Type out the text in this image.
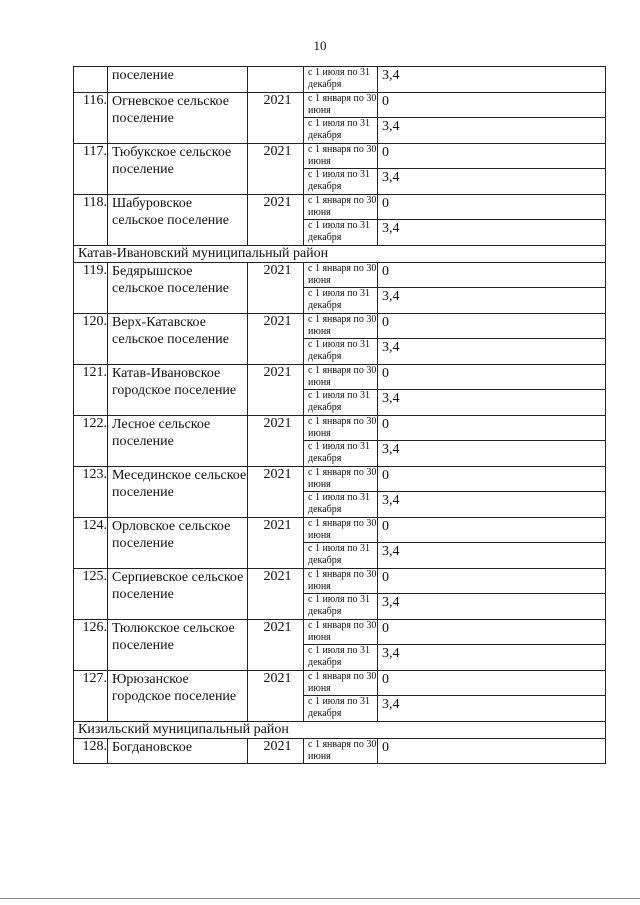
10
	поселение		с 1 июля по 31 декабря	3,4
116.	Огневское сельское поселение	2021	с 1 января по 30 июня	0
			с 1 июля по 31 декабря	3,4
117.	Тюбукское сельское поселение	2021	с 1 января по 30 июня	0
			с 1 июля по 31 декабря	3,4
118.	Шабуровское сельское поселение	2021	с 1 января по 30 июня	0
			с 1 июля по 31 декабря	3,4
Катав-Ивановский муниципальный район				
119.	Бедярышское сельское поселение	2021	с 1 января по 30 июня	0
			с 1 июля по 31 декабря	3,4
120.	Верх-Катавское сельское поселение	2021	с 1 января по 30 июня	0
			с 1 июля по 31 декабря	3,4
121.	Катав-Ивановское городское поселение	2021	с 1 января по 30 июня	0
			с 1 июля по 31 декабря	3,4
122.	Лесное сельское поселение	2021	с 1 января по 30 июня	0
			с 1 июля по 31 декабря	3,4
123.	Месединское сельское поселение	2021	с 1 января по 30 июня	0
			с 1 июля по 31 декабря	3,4
124.	Орловское сельское поселение	2021	с 1 января по 30 июня	0
			с 1 июля по 31 декабря	3,4
125.	Серпиевское сельское поселение	2021	с 1 января по 30 июня	0
			с 1 июля по 31 декабря	3,4
126.	Тюлюкское сельское поселение	2021	с 1 января по 30 июня	0
			с 1 июля по 31 декабря	3,4
127.	Юрюзанское городское поселение	2021	с 1 января по 30 июня	0
			с 1 июля по 31 декабря	3,4
Кизильский муниципальный район				
128.	Богдановское	2021	с 1 января по 30 июня	0
